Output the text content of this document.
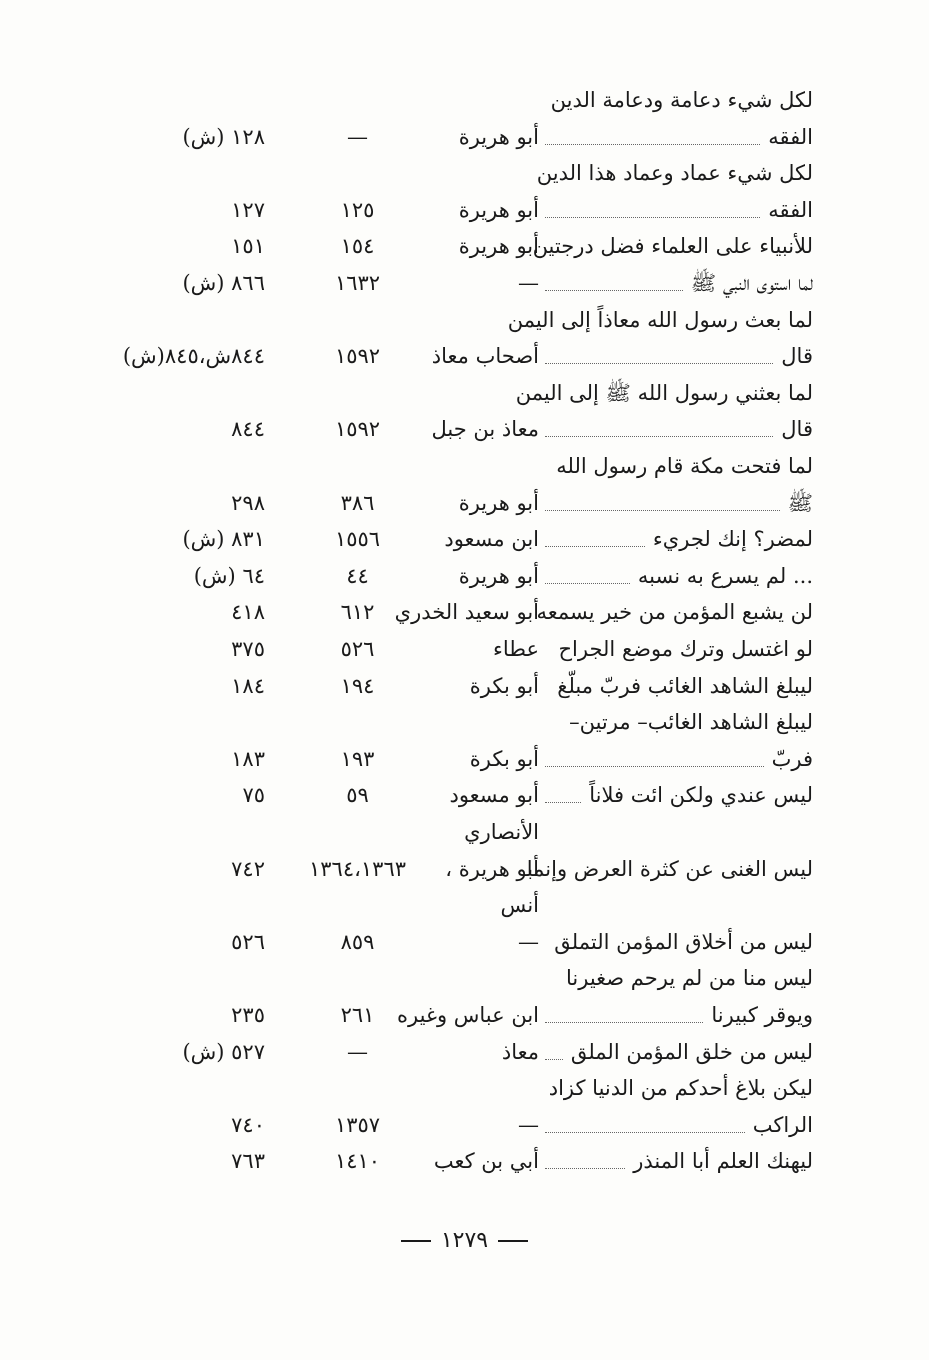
لكل شيء دعامة ودعامة الدين
الفقه
أبو هريرة
—
١٢٨ (ش)
لكل شيء عماد وعماد هذا الدين
الفقه
أبو هريرة
١٢٥
١٢٧
للأنبياء على العلماء فضل درجتين
أبو هريرة
١٥٤
١٥١
لما استوى النبي ﷺ
—
١٦٣٢
٨٦٦ (ش)
لما بعث رسول الله معاذاً إلى اليمن
قال
أصحاب معاذ
١٥٩٢
٨٤٤ش،٨٤٥(ش)
لما بعثني رسول الله ﷺ إلى اليمن
قال
معاذ بن جبل
١٥٩٢
٨٤٤
لما فتحت مكة قام رسول الله
ﷺ
أبو هريرة
٣٨٦
٢٩٨
لمضر؟ إنك لجريء
ابن مسعود
١٥٥٦
٨٣١ (ش)
... لم يسرع به نسبه
أبو هريرة
٤٤
٦٤ (ش)
لن يشبع المؤمن من خير يسمعه
أبو سعيد الخدري
٦١٢
٤١٨
لو اغتسل وترك موضع الجراح
عطاء
٥٢٦
٣٧٥
ليبلغ الشاهد الغائب فربّ مبلّغ
أبو بكرة
١٩٤
١٨٤
ليبلغ الشاهد الغائب– مرتين–
فربّ
أبو بكرة
١٩٣
١٨٣
ليس عندي ولكن ائت فلاناً
أبو مسعود
٥٩
٧٥
الأنصاري
ليس الغنى عن كثرة العرض وإنما
أبو هريرة ،
١٣٦٤،١٣٦٣
٧٤٢
أنس
ليس من أخلاق المؤمن التملق
—
٨٥٩
٥٢٦
ليس منا من لم يرحم صغيرنا
ويوقر كبيرنا
ابن عباس وغيره
٢٦١
٢٣٥
ليس من خلق المؤمن الملق
معاذ
—
٥٢٧ (ش)
ليكن بلاغ أحدكم من الدنيا كزاد
الراكب
—
١٣٥٧
٧٤٠
ليهنك العلم أبا المنذر
أبي بن كعب
١٤١٠
٧٦٣
١٢٧٩
